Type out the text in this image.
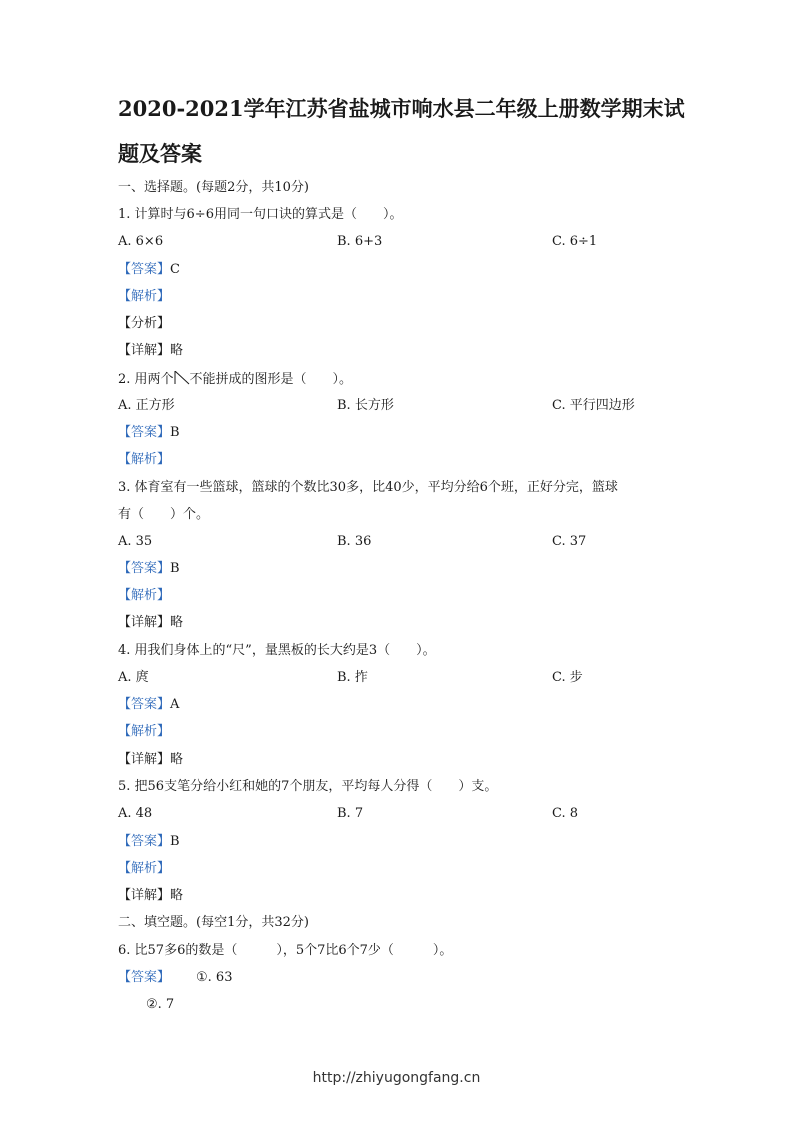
2020-2021学年江苏省盐城市响水县二年级上册数学期末试
题及答案
一、选择题。(每题2分，共10分)
1. 计算时与6÷6用同一句口诀的算式是（　　）。
A. 6×6	B. 6+3	C. 6÷1
【答案】C
【解析】
【分析】
【详解】略
2. 用两个 不能拼成的图形是（　　）。
A. 正方形	B. 长方形	C. 平行四边形
【答案】B
【解析】
3. 体育室有一些篮球，篮球的个数比30多，比40少，平均分给6个班，正好分完，篮球
有（　　）个。
A. 35	B. 36	C. 37
【答案】B
【解析】
【详解】略
4. 用我们身体上的“尺”，量黑板的长大约是3（　　）。
A. 庹	B. 拃	C. 步
【答案】A
【解析】
【详解】略
5. 把56支笔分给小红和她的7个朋友，平均每人分得（　　）支。
A. 48	B. 7	C. 8
【答案】B
【解析】
【详解】略
二、填空题。(每空1分，共32分)
6. 比57多6的数是（　　　），5个7比6个7少（　　　）。
【答案】 ①. 63
②. 7
http://zhiyugongfang.cn
